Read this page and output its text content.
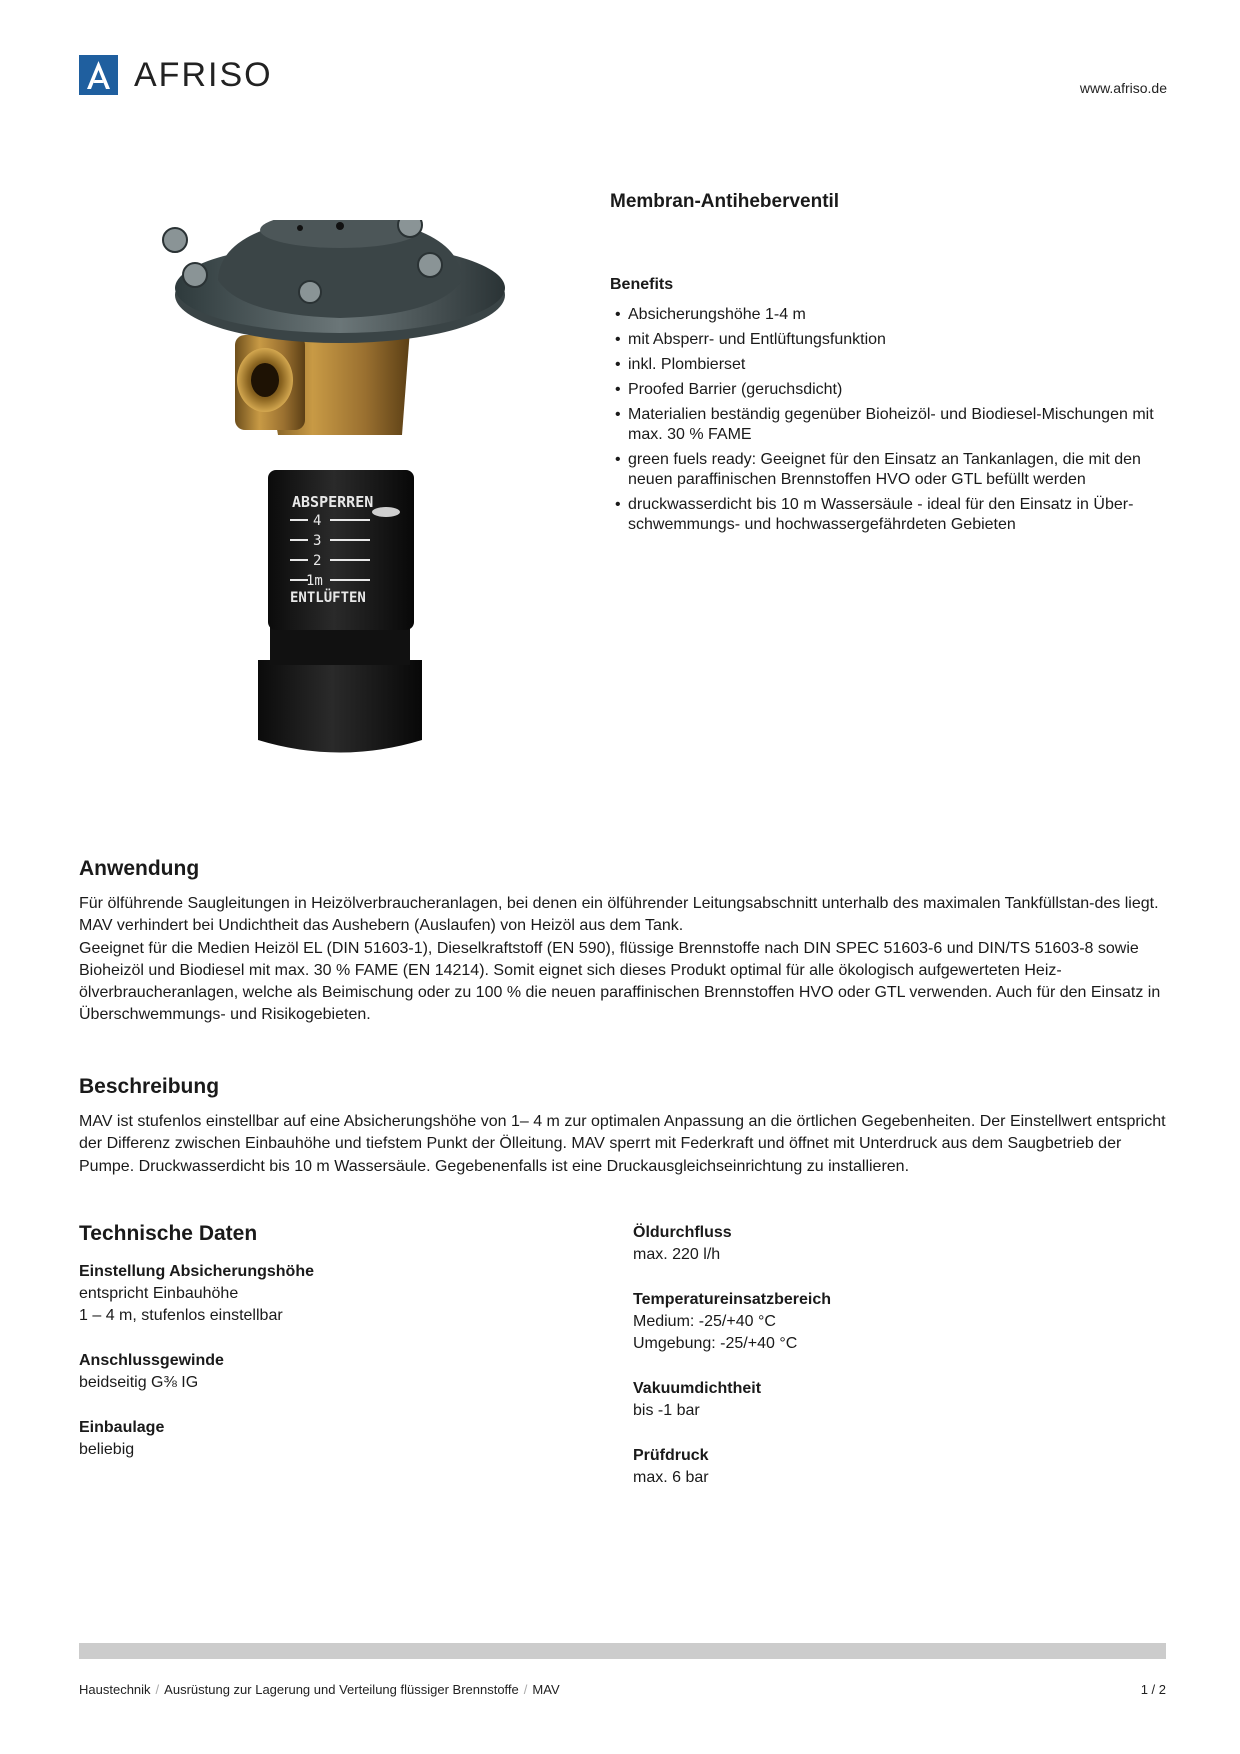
AFRISO	www.afriso.de
ABSPERREN
4
3
2
1m
ENTLÜFTEN
Membran-Antiheberventil
Benefits
• Absicherungshöhe 1-4 m
• mit Absperr- und Entlüftungsfunktion
• inkl. Plombierset
• Proofed Barrier (geruchsdicht)
• Materialien beständig gegenüber Bioheizöl- und Biodiesel-Mischungen mit max. 30 % FAME
• green fuels ready: Geeignet für den Einsatz an Tankanlagen, die mit den neuen paraffinischen Brennstoffen HVO oder GTL befüllt werden
• druckwasserdicht bis 10 m Wassersäule - ideal für den Einsatz in Über-schwemmungs- und hochwassergefährdeten Gebieten
Anwendung
Für ölführende Saugleitungen in Heizölverbraucheranlagen, bei denen ein ölführender Leitungsabschnitt unterhalb des maximalen Tankfüllstan-des liegt. MAV verhindert bei Undichtheit das Aushebern (Auslaufen) von Heizöl aus dem Tank.
Geeignet für die Medien Heizöl EL (DIN 51603-1), Dieselkraftstoff (EN 590), flüssige Brennstoffe nach DIN SPEC 51603-6 und DIN/TS 51603-8 sowie Bioheizöl und Biodiesel mit max. 30 % FAME (EN 14214). Somit eignet sich dieses Produkt optimal für alle ökologisch aufgewerteten Heiz-ölverbraucheranlagen, welche als Beimischung oder zu 100 % die neuen paraffinischen Brennstoffen HVO oder GTL verwenden. Auch für den Einsatz in Überschwemmungs- und Risikogebieten.
Beschreibung
MAV ist stufenlos einstellbar auf eine Absicherungshöhe von 1– 4 m zur optimalen Anpassung an die örtlichen Gegebenheiten. Der Einstellwert entspricht der Differenz zwischen Einbauhöhe und tiefstem Punkt der Ölleitung. MAV sperrt mit Federkraft und öffnet mit Unterdruck aus dem Saugbetrieb der Pumpe. Druckwasserdicht bis 10 m Wassersäule. Gegebenenfalls ist eine Druckausgleichseinrichtung zu installieren.
Technische Daten
Einstellung Absicherungshöhe
entspricht Einbauhöhe
1 – 4 m, stufenlos einstellbar
Anschlussgewinde
beidseitig G⅜ IG
Einbaulage
beliebig
Öldurchfluss
max. 220 l/h
Temperatureinsatzbereich
Medium: -25/+40 °C
Umgebung: -25/+40 °C
Vakuumdichtheit
bis -1 bar
Prüfdruck
max. 6 bar
Haustechnik / Ausrüstung zur Lagerung und Verteilung flüssiger Brennstoffe / MAV	1 / 2
